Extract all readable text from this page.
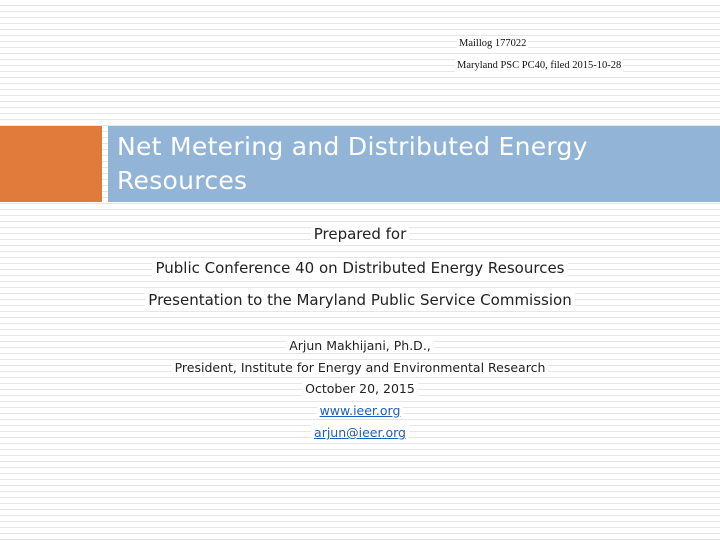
Maillog 177022
Maryland PSC PC40, filed 2015-10-28
Net Metering and Distributed Energy Resources
Prepared for
Public Conference 40 on Distributed Energy Resources
Presentation to the Maryland Public Service Commission
Arjun Makhijani, Ph.D.,
President, Institute for Energy and Environmental Research
October 20, 2015
www.ieer.org
arjun@ieer.org
